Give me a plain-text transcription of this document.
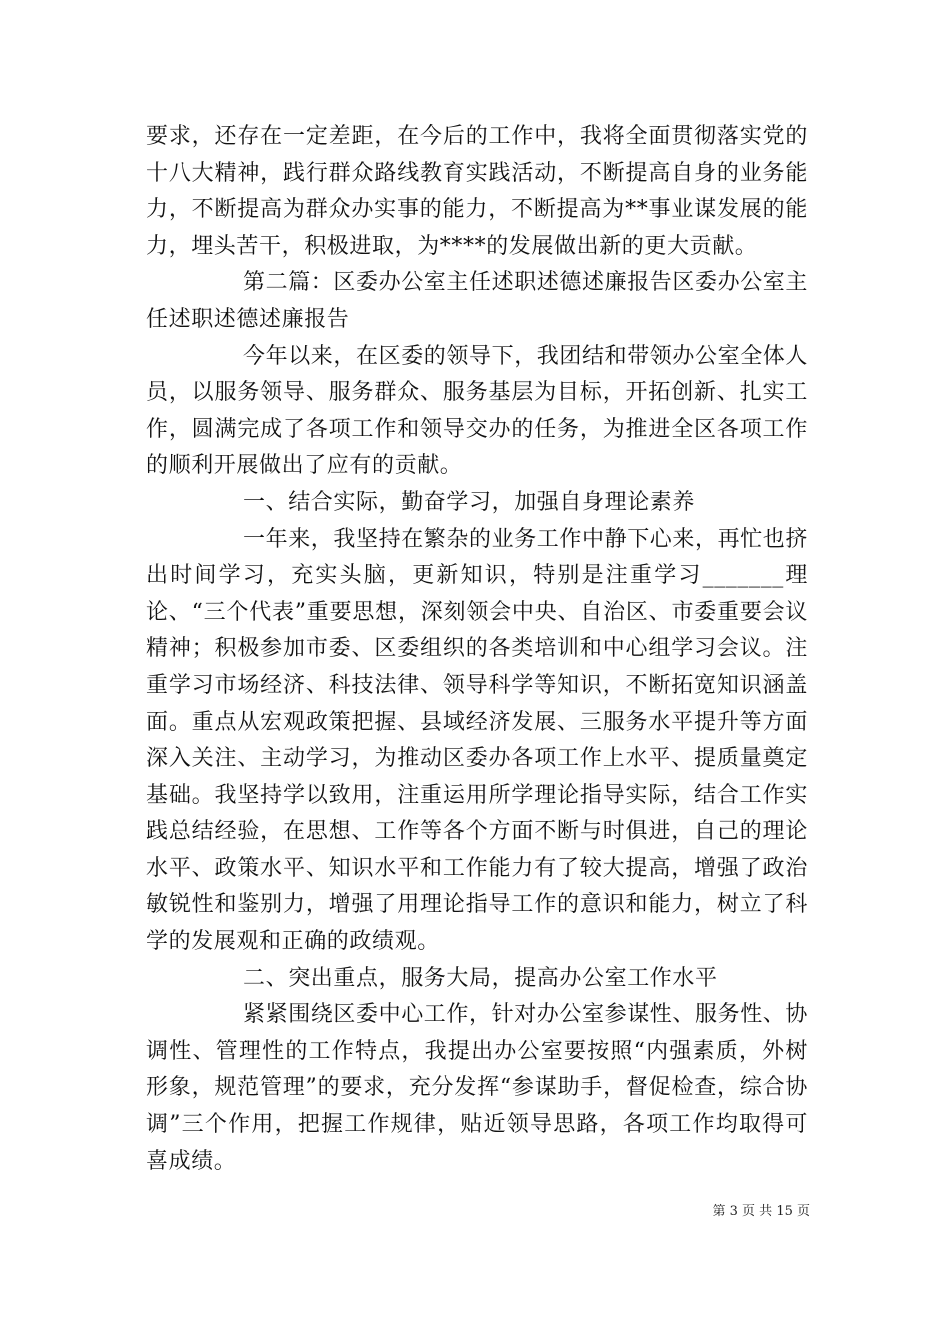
要求，还存在一定差距，在今后的工作中，我将全面贯彻落实党的十八大精神，践行群众路线教育实践活动，不断提高自身的业务能力，不断提高为群众办实事的能力，不断提高为**事业谋发展的能力，埋头苦干，积极进取，为****的发展做出新的更大贡献。

第二篇：区委办公室主任述职述德述廉报告区委办公室主任述职述德述廉报告

今年以来，在区委的领导下，我团结和带领办公室全体人员，以服务领导、服务群众、服务基层为目标，开拓创新、扎实工作，圆满完成了各项工作和领导交办的任务，为推进全区各项工作的顺利开展做出了应有的贡献。

一、结合实际，勤奋学习，加强自身理论素养

一年来，我坚持在繁杂的业务工作中静下心来，再忙也挤出时间学习，充实头脑，更新知识，特别是注重学习_______理论、“三个代表”重要思想，深刻领会中央、自治区、市委重要会议精神；积极参加市委、区委组织的各类培训和中心组学习会议。注重学习市场经济、科技法律、领导科学等知识，不断拓宽知识涵盖面。重点从宏观政策把握、县域经济发展、三服务水平提升等方面深入关注、主动学习，为推动区委办各项工作上水平、提质量奠定基础。我坚持学以致用，注重运用所学理论指导实际，结合工作实践总结经验，在思想、工作等各个方面不断与时俱进，自己的理论水平、政策水平、知识水平和工作能力有了较大提高，增强了政治敏锐性和鉴别力，增强了用理论指导工作的意识和能力，树立了科学的发展观和正确的政绩观。

二、突出重点，服务大局，提高办公室工作水平

紧紧围绕区委中心工作，针对办公室参谋性、服务性、协调性、管理性的工作特点，我提出办公室要按照“内强素质，外树形象，规范管理”的要求，充分发挥“参谋助手，督促检查，综合协调”三个作用，把握工作规律，贴近领导思路，各项工作均取得可喜成绩。

第 3 页 共 15 页
